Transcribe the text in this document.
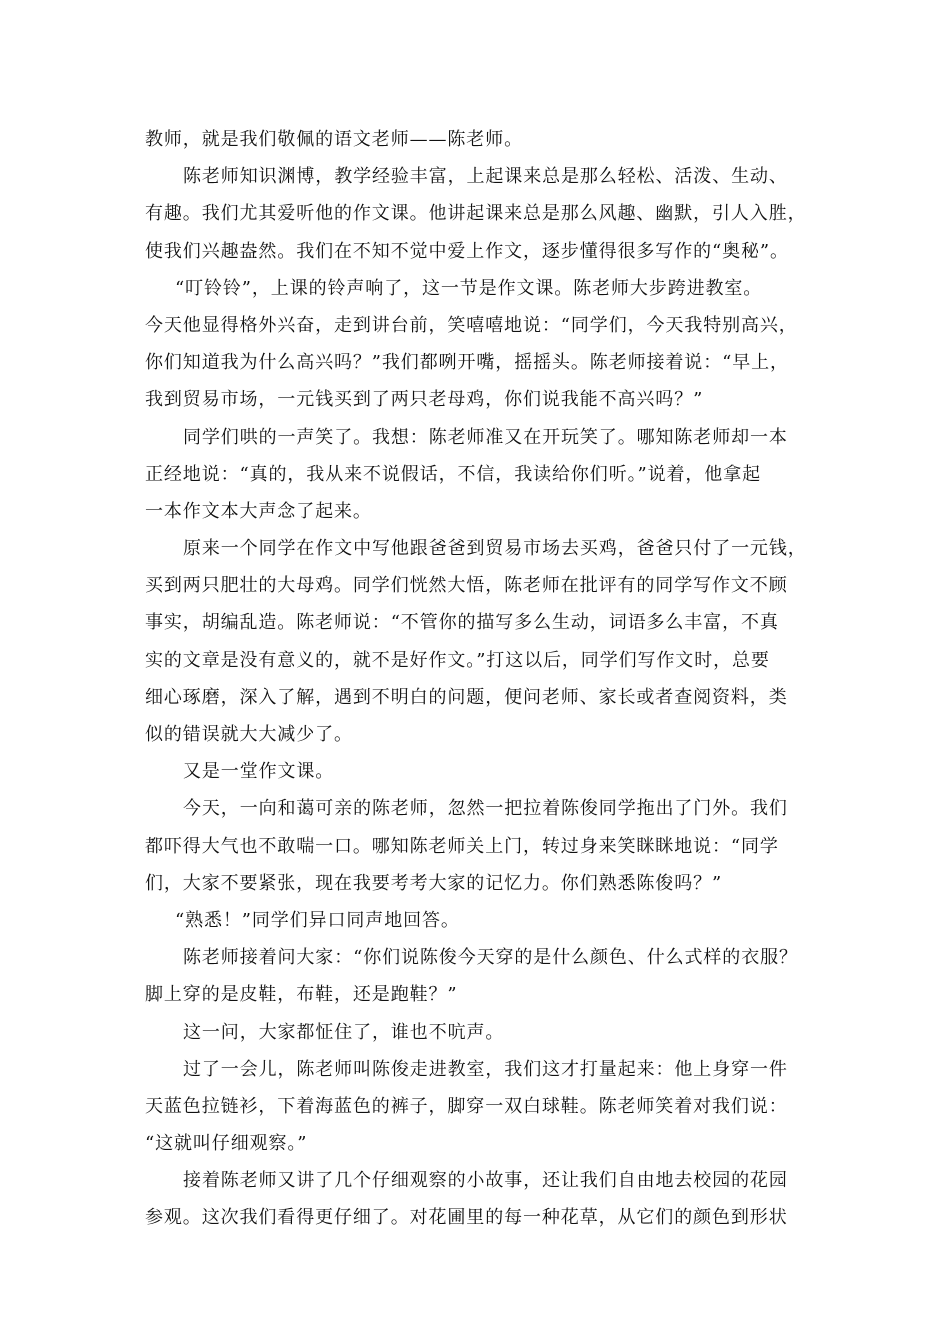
教师，就是我们敬佩的语文老师——陈老师。
陈老师知识渊博，教学经验丰富，上起课来总是那么轻松、活泼、生动、
有趣。我们尤其爱听他的作文课。他讲起课来总是那么风趣、幽默，引人入胜，
使我们兴趣盎然。我们在不知不觉中爱上作文，逐步懂得很多写作的“奥秘”。
“叮铃铃”，上课的铃声响了，这一节是作文课。陈老师大步跨进教室。
今天他显得格外兴奋，走到讲台前，笑嘻嘻地说：“同学们，今天我特别高兴，
你们知道我为什么高兴吗？”我们都咧开嘴，摇摇头。陈老师接着说：“早上，
我到贸易市场，一元钱买到了两只老母鸡，你们说我能不高兴吗？”
同学们哄的一声笑了。我想：陈老师准又在开玩笑了。哪知陈老师却一本
正经地说：“真的，我从来不说假话，不信，我读给你们听。”说着，他拿起
一本作文本大声念了起来。
原来一个同学在作文中写他跟爸爸到贸易市场去买鸡，爸爸只付了一元钱，
买到两只肥壮的大母鸡。同学们恍然大悟，陈老师在批评有的同学写作文不顾
事实，胡编乱造。陈老师说：“不管你的描写多么生动，词语多么丰富，不真
实的文章是没有意义的，就不是好作文。”打这以后，同学们写作文时，总要
细心琢磨，深入了解，遇到不明白的问题，便问老师、家长或者查阅资料，类
似的错误就大大减少了。
又是一堂作文课。
今天，一向和蔼可亲的陈老师，忽然一把拉着陈俊同学拖出了门外。我们
都吓得大气也不敢喘一口。哪知陈老师关上门，转过身来笑眯眯地说：“同学
们，大家不要紧张，现在我要考考大家的记忆力。你们熟悉陈俊吗？”
“熟悉！”同学们异口同声地回答。
陈老师接着问大家：“你们说陈俊今天穿的是什么颜色、什么式样的衣服？
脚上穿的是皮鞋，布鞋，还是跑鞋？”
这一问，大家都怔住了，谁也不吭声。
过了一会儿，陈老师叫陈俊走进教室，我们这才打量起来：他上身穿一件
天蓝色拉链衫，下着海蓝色的裤子，脚穿一双白球鞋。陈老师笑着对我们说：
“这就叫仔细观察。”
接着陈老师又讲了几个仔细观察的小故事，还让我们自由地去校园的花园
参观。这次我们看得更仔细了。对花圃里的每一种花草，从它们的颜色到形状
